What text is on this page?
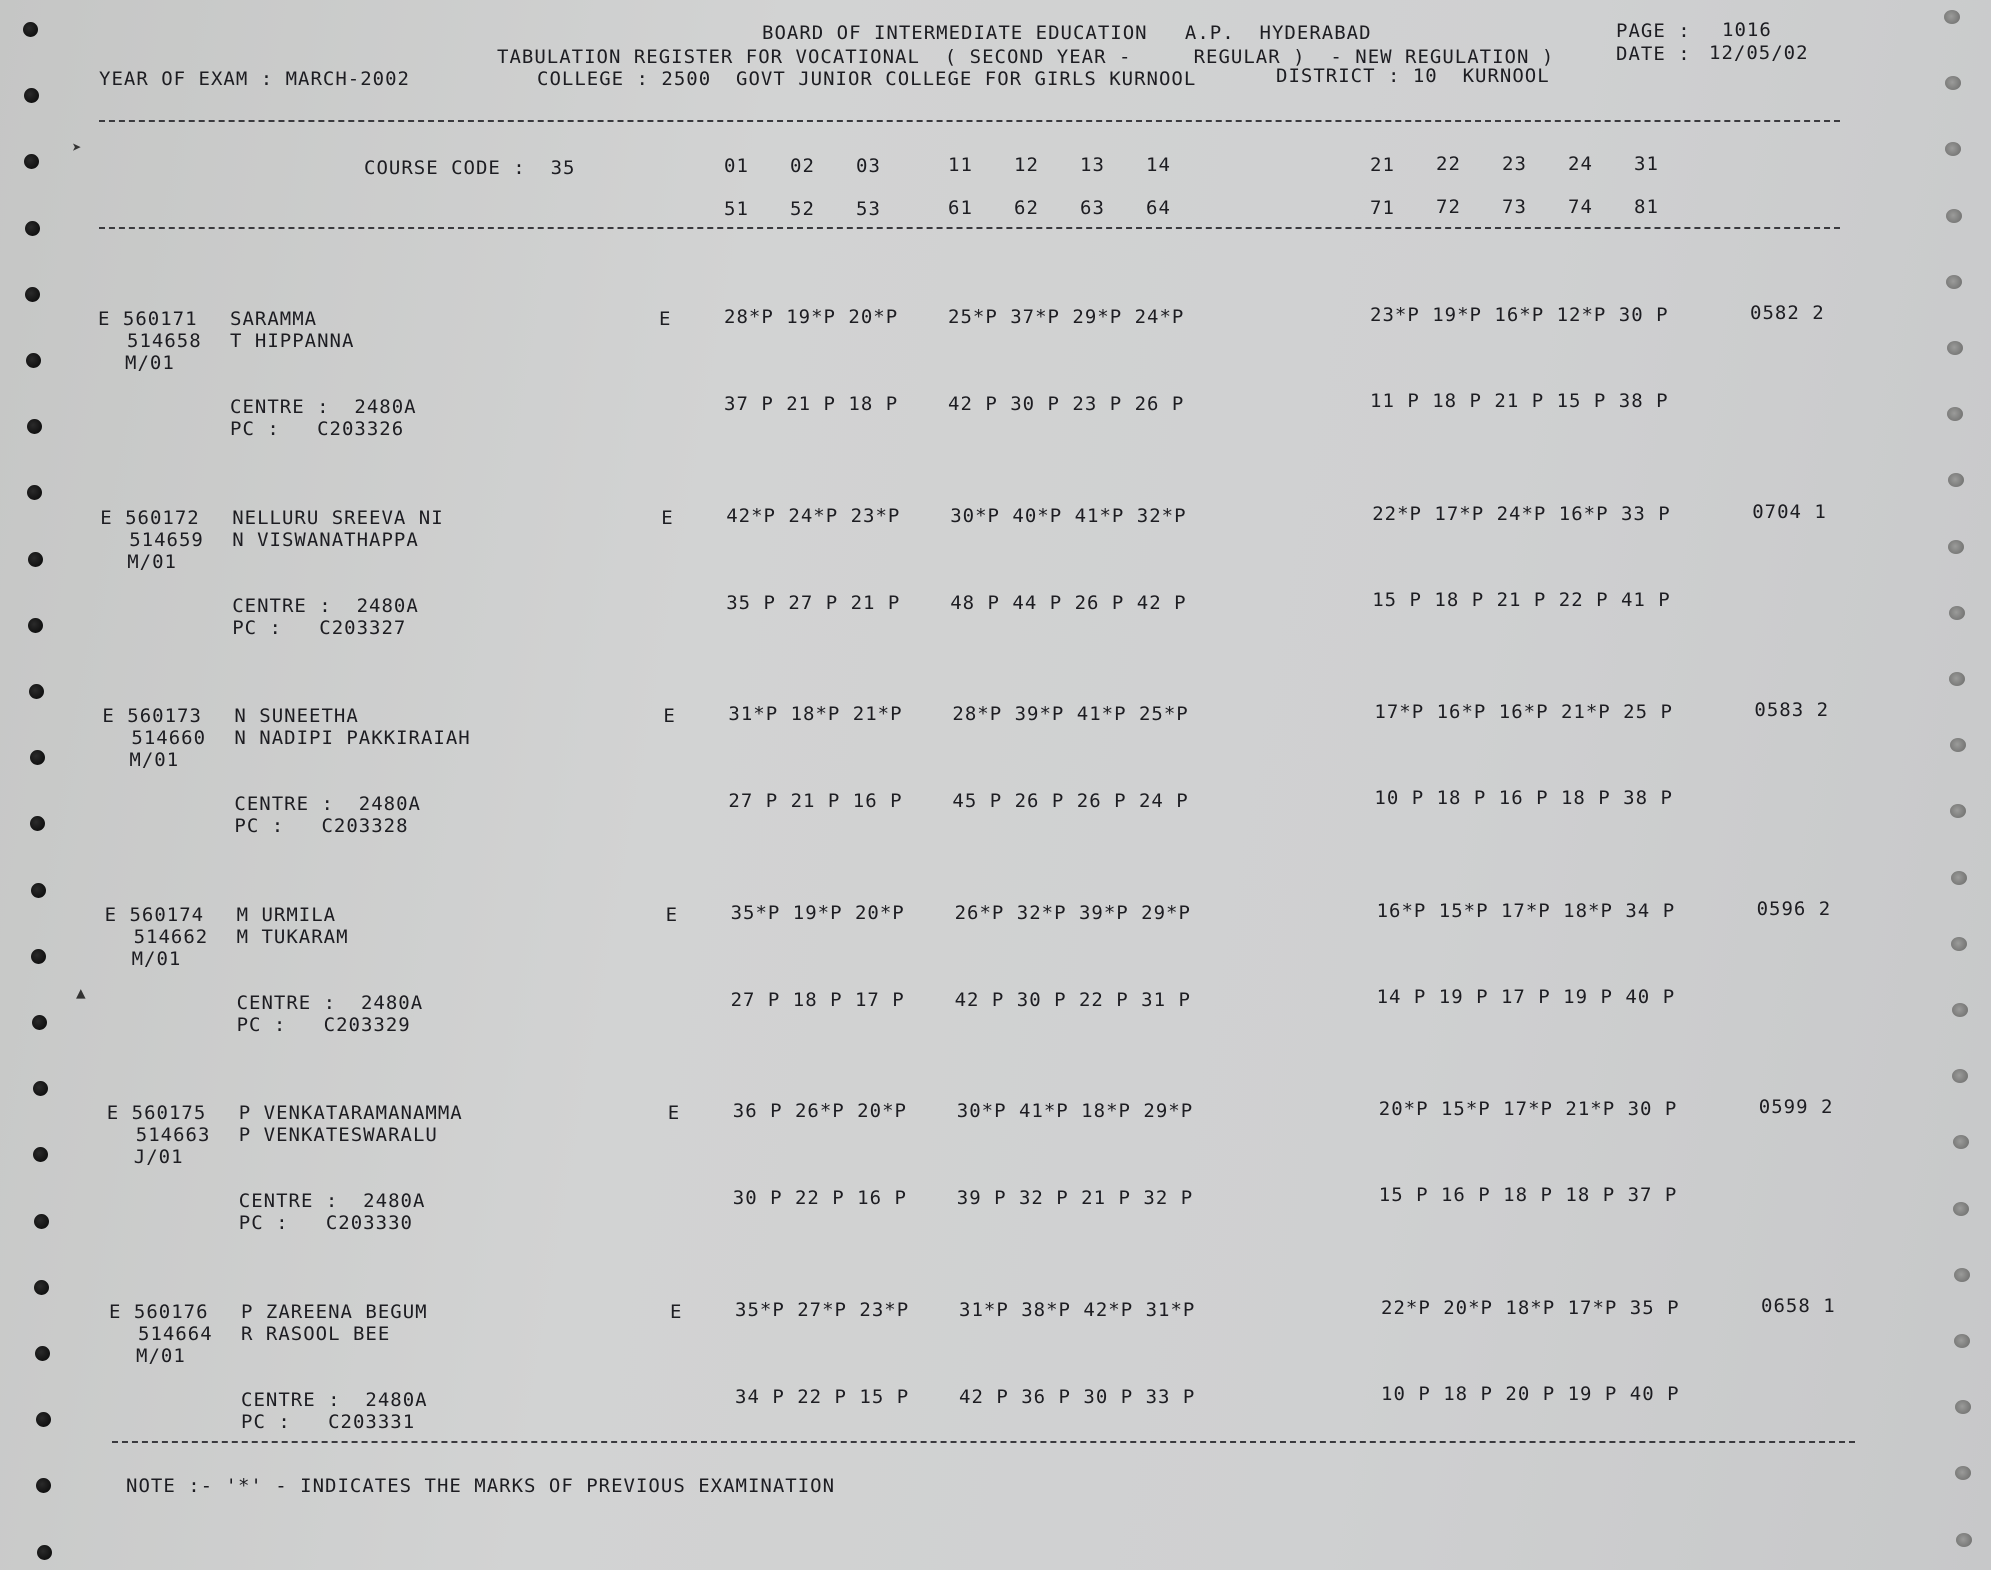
BOARD OF INTERMEDIATE EDUCATION   A.P.  HYDERABAD	PAGE : 1016
TABULATION REGISTER FOR VOCATIONAL  ( SECOND YEAR -     REGULAR )  - NEW REGULATION )	DATE : 12/05/02
YEAR OF EXAM : MARCH-2002	COLLEGE : 2500  GOVT JUNIOR COLLEGE FOR GIRLS KURNOOL	DISTRICT : 10  KURNOOL
COURSE CODE :  35	01 02 03	11 12 13 14	21 22 23 24 31
51 52 53	61 62 63 64	71 72 73 74 81
E 560171 SARAMMA
514658 T HIPPANNA
M/01
E	28*P 19*P 20*P	25*P 37*P 29*P 24*P	23*P 19*P 16*P 12*P 30 P	0582 2
CENTRE :  2480A
PC :   C203326
37 P 21 P 18 P	42 P 30 P 23 P 26 P	11 P 18 P 21 P 15 P 38 P
E 560172 NELLURU SREEVA NI
514659 N VISWANATHAPPA
M/01
E	42*P 24*P 23*P	30*P 40*P 41*P 32*P	22*P 17*P 24*P 16*P 33 P	0704 1
CENTRE :  2480A
PC :   C203327
35 P 27 P 21 P	48 P 44 P 26 P 42 P	15 P 18 P 21 P 22 P 41 P
E 560173 N SUNEETHA
514660 N NADIPI PAKKIRAIAH
M/01
E	31*P 18*P 21*P	28*P 39*P 41*P 25*P	17*P 16*P 16*P 21*P 25 P	0583 2
CENTRE :  2480A
PC :   C203328
27 P 21 P 16 P	45 P 26 P 26 P 24 P	10 P 18 P 16 P 18 P 38 P
E 560174 M URMILA
514662 M TUKARAM
M/01
E	35*P 19*P 20*P	26*P 32*P 39*P 29*P	16*P 15*P 17*P 18*P 34 P	0596 2
CENTRE :  2480A
PC :   C203329
27 P 18 P 17 P	42 P 30 P 22 P 31 P	14 P 19 P 17 P 19 P 40 P
E 560175 P VENKATARAMANAMMA
514663 P VENKATESWARALU
J/01
E	36 P 26*P 20*P	30*P 41*P 18*P 29*P	20*P 15*P 17*P 21*P 30 P	0599 2
CENTRE :  2480A
PC :   C203330
30 P 22 P 16 P	39 P 32 P 21 P 32 P	15 P 16 P 18 P 18 P 37 P
E 560176 P ZAREENA BEGUM
514664 R RASOOL BEE
M/01
E	35*P 27*P 23*P	31*P 38*P 42*P 31*P	22*P 20*P 18*P 17*P 35 P	0658 1
CENTRE :  2480A
PC :   C203331
34 P 22 P 15 P	42 P 36 P 30 P 33 P	10 P 18 P 20 P 19 P 40 P
NOTE :- '*' - INDICATES THE MARKS OF PREVIOUS EXAMINATION
➤
▲
